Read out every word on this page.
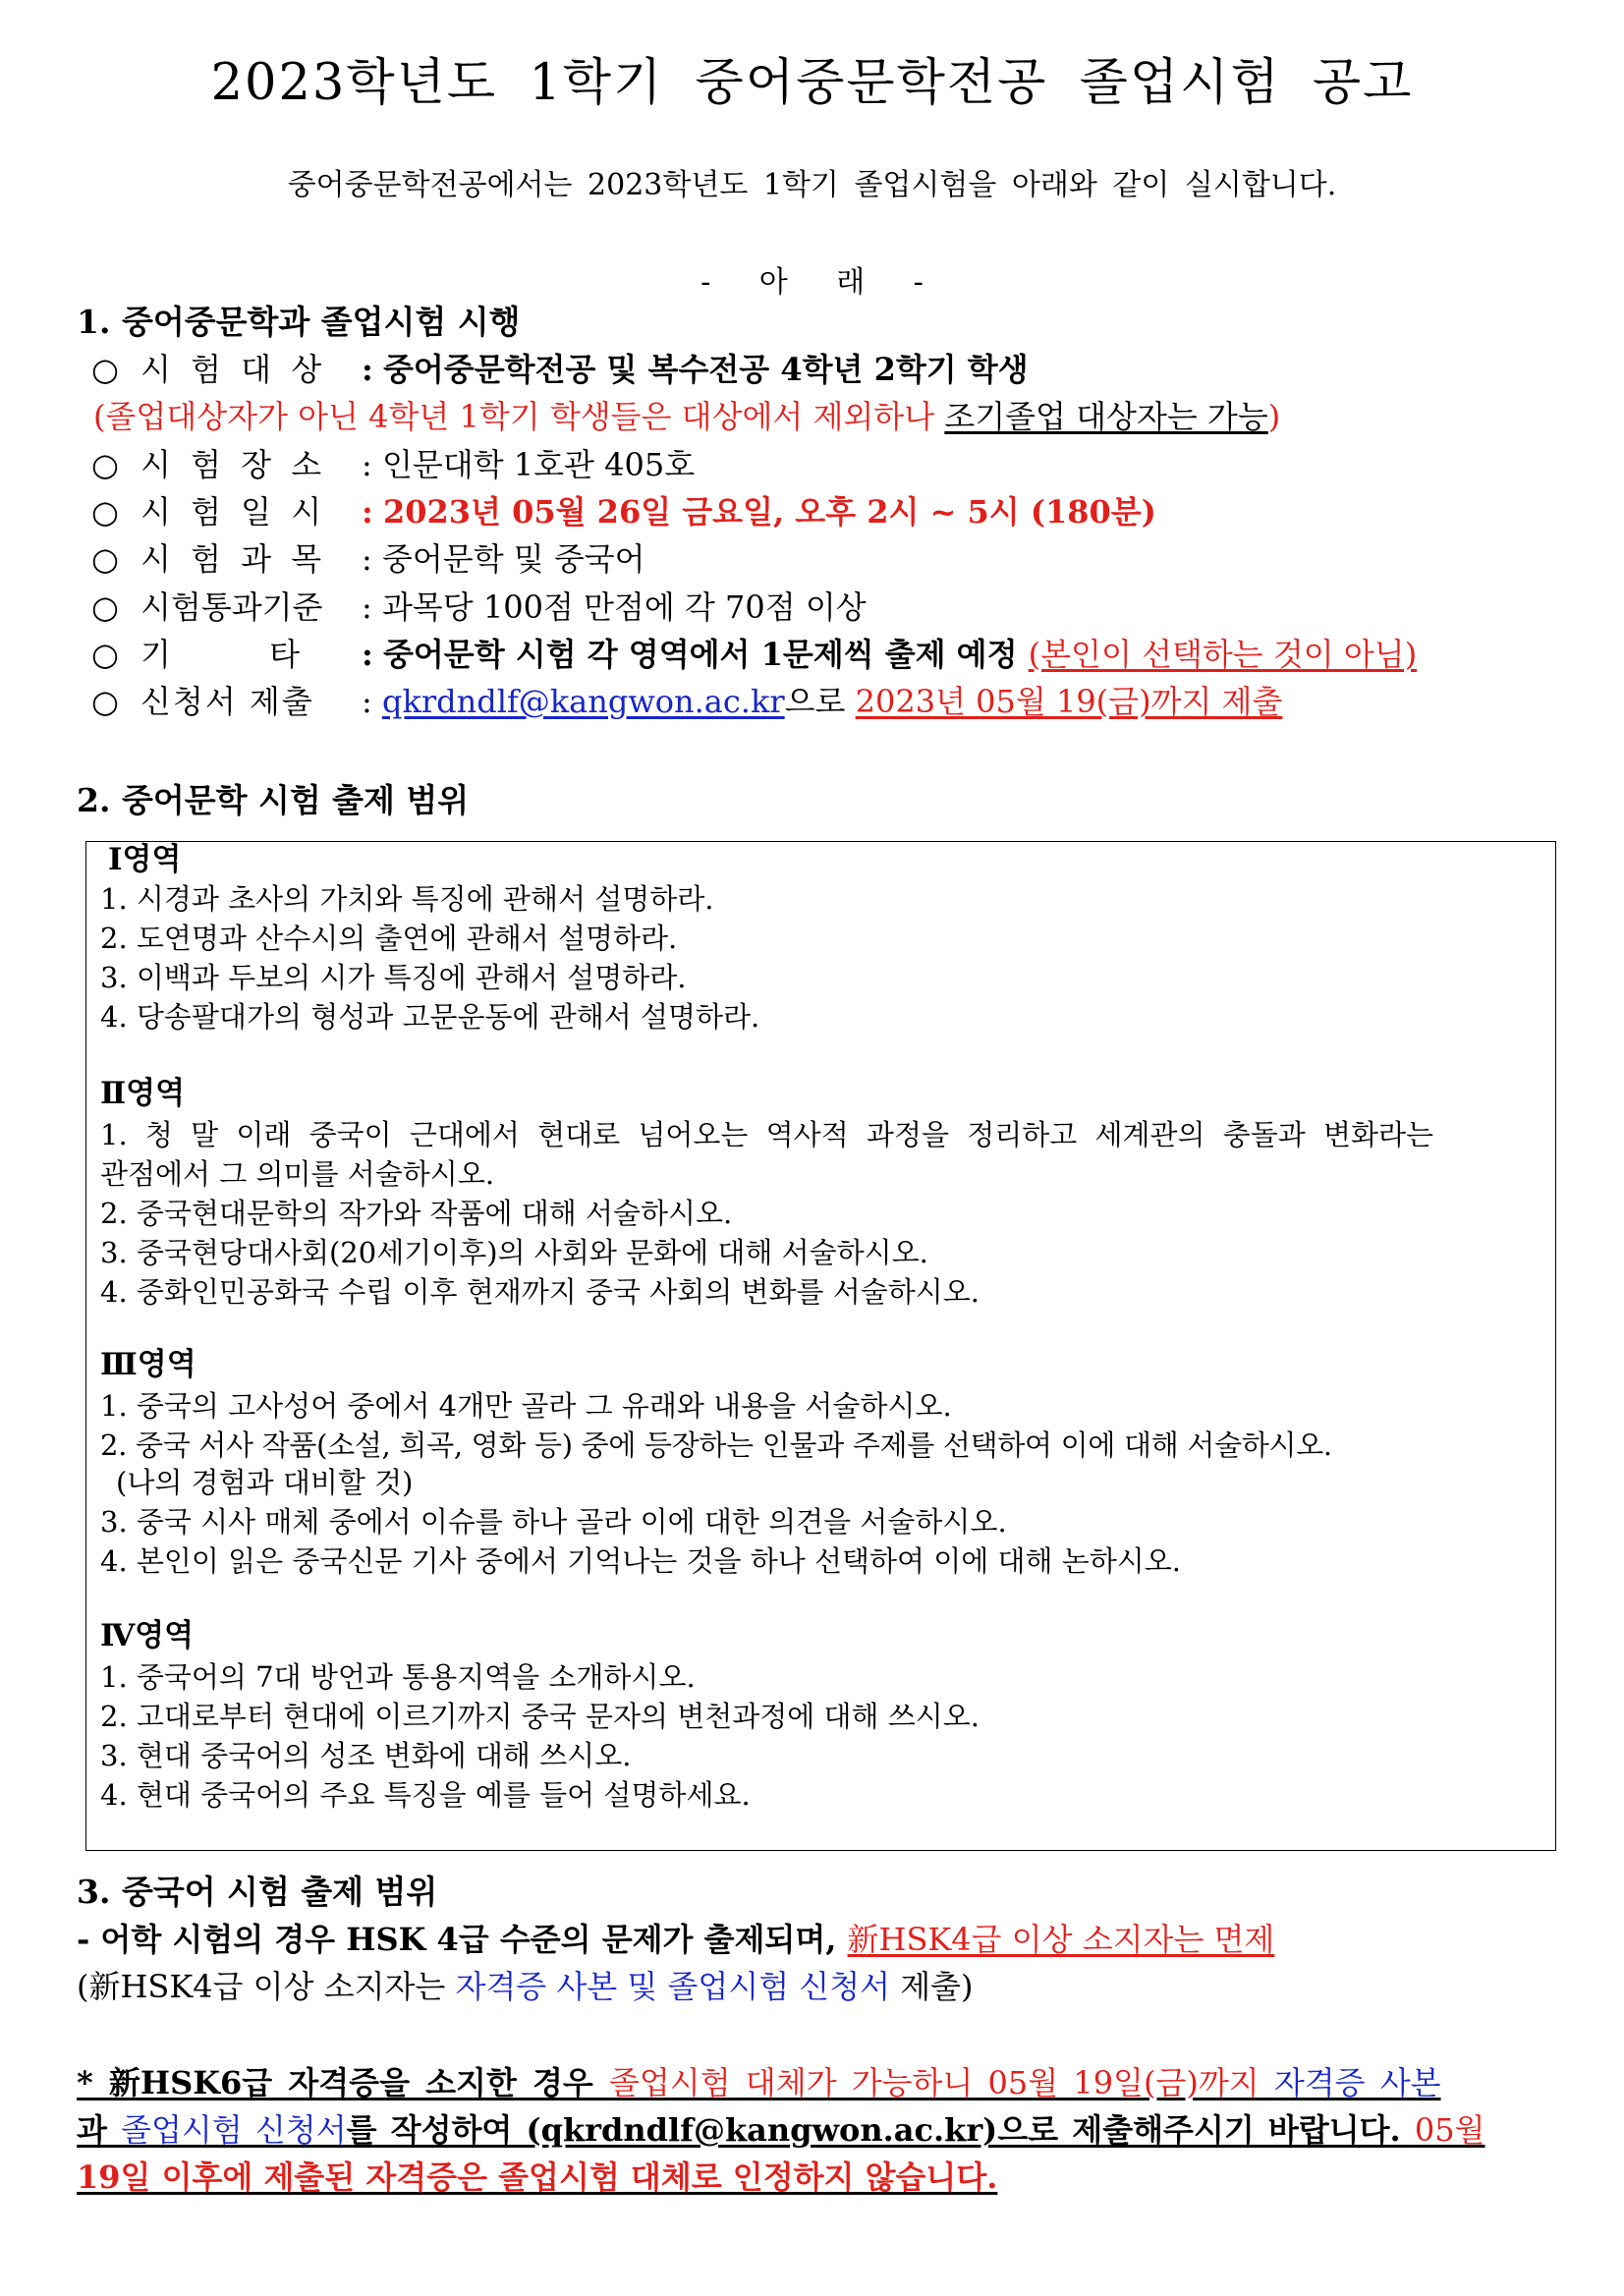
2023학년도 1학기 중어중문학전공 졸업시험 공고
중어중문학전공에서는 2023학년도 1학기 졸업시험을 아래와 같이 실시합니다.
- 아 래 -
1. 중어중문학과 졸업시험 시행
○ 시 험 대 상 : 중어중문학전공 및 복수전공 4학년 2학기 학생
(졸업대상자가 아닌 4학년 1학기 학생들은 대상에서 제외하나 조기졸업 대상자는 가능)
○ 시 험 장 소 : 인문대학 1호관 405호
○ 시 험 일 시 : 2023년 05월 26일 금요일, 오후 2시 ~ 5시 (180분)
○ 시 험 과 목 : 중어문학 및 중국어
○ 시험통과기준 : 과목당 100점 만점에 각 70점 이상
○ 기 타 : 중어문학 시험 각 영역에서 1문제씩 출제 예정 (본인이 선택하는 것이 아님)
○ 신청서 제출 : qkrdndlf@kangwon.ac.kr으로 2023년 05월 19(금)까지 제출
2. 중어문학 시험 출제 범위
Ⅰ영역
1. 시경과 초사의 가치와 특징에 관해서 설명하라.
2. 도연명과 산수시의 출연에 관해서 설명하라.
3. 이백과 두보의 시가 특징에 관해서 설명하라.
4. 당송팔대가의 형성과 고문운동에 관해서 설명하라.
Ⅱ영역
1. 청 말 이래 중국이 근대에서 현대로 넘어오는 역사적 과정을 정리하고 세계관의 충돌과 변화라는
관점에서 그 의미를 서술하시오.
2. 중국현대문학의 작가와 작품에 대해 서술하시오.
3. 중국현당대사회(20세기이후)의 사회와 문화에 대해 서술하시오.
4. 중화인민공화국 수립 이후 현재까지 중국 사회의 변화를 서술하시오.
Ⅲ영역
1. 중국의 고사성어 중에서 4개만 골라 그 유래와 내용을 서술하시오.
2. 중국 서사 작품(소설, 희곡, 영화 등) 중에 등장하는 인물과 주제를 선택하여 이에 대해 서술하시오.
(나의 경험과 대비할 것)
3. 중국 시사 매체 중에서 이슈를 하나 골라 이에 대한 의견을 서술하시오.
4. 본인이 읽은 중국신문 기사 중에서 기억나는 것을 하나 선택하여 이에 대해 논하시오.
Ⅳ영역
1. 중국어의 7대 방언과 통용지역을 소개하시오.
2. 고대로부터 현대에 이르기까지 중국 문자의 변천과정에 대해 쓰시오.
3. 현대 중국어의 성조 변화에 대해 쓰시오.
4. 현대 중국어의 주요 특징을 예를 들어 설명하세요.
3. 중국어 시험 출제 범위
- 어학 시험의 경우 HSK 4급 수준의 문제가 출제되며, 新HSK4급 이상 소지자는 면제
(新HSK4급 이상 소지자는 자격증 사본 및 졸업시험 신청서 제출)
* 新HSK6급 자격증을 소지한 경우 졸업시험 대체가 가능하니 05월 19일(금)까지 자격증 사본
과 졸업시험 신청서를 작성하여 (qkrdndlf@kangwon.ac.kr)으로 제출해주시기 바랍니다. 05월
19일 이후에 제출된 자격증은 졸업시험 대체로 인정하지 않습니다.
